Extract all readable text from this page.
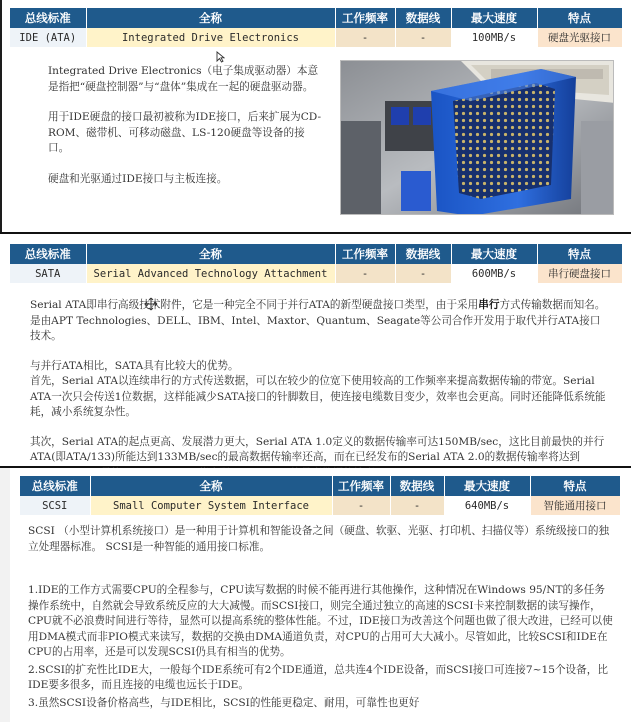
总线标准	全称	工作频率	数据线	最大速度	特点
IDE (ATA)	Integrated Drive Electronics	-	-	100MB/s	硬盘光驱接口

Integrated Drive Electronics（电子集成驱动器）本意是指把“硬盘控制器”与“盘体”集成在一起的硬盘驱动器。

用于IDE硬盘的接口最初被称为IDE接口，后来扩展为CD-ROM、磁带机、可移动磁盘、LS-120硬盘等设备的接口。

硬盘和光驱通过IDE接口与主板连接。

总线标准	全称	工作频率	数据线	最大速度	特点
SATA	Serial Advanced Technology Attachment	-	-	600MB/s	串行硬盘接口

Serial ATA即串行高级技术附件，它是一种完全不同于并行ATA的新型硬盘接口类型，由于采用串行方式传输数据而知名。是由APT Technologies、DELL、IBM、Intel、Maxtor、Quantum、Seagate等公司合作开发用于取代并行ATA接口技术。

与并行ATA相比，SATA具有比较大的优势。

首先，Serial ATA以连续串行的方式传送数据，可以在较少的位宽下使用较高的工作频率来提高数据传输的带宽。Serial ATA一次只会传送1位数据，这样能减少SATA接口的针脚数目，使连接电缆数目变少，效率也会更高。同时还能降低系统能耗，减小系统复杂性。

其次，Serial ATA的起点更高、发展潜力更大，Serial ATA 1.0定义的数据传输率可达150MB/sec，这比目前最快的并行ATA(即ATA/133)所能达到133MB/sec的最高数据传输率还高，而在已经发布的Serial ATA 2.0的数据传输率将达到

总线标准	全称	工作频率	数据线	最大速度	特点
SCSI	Small Computer System Interface	-	-	640MB/s	智能通用接口

SCSI （小型计算机系统接口）是一种用于计算机和智能设备之间（硬盘、软驱、光驱、打印机、扫描仪等）系统级接口的独立处理器标准。 SCSI是一种智能的通用接口标准。

1.IDE的工作方式需要CPU的全程参与，CPU读写数据的时候不能再进行其他操作，这种情况在Windows 95/NT的多任务操作系统中，自然就会导致系统反应的大大减慢。而SCSI接口，则完全通过独立的高速的SCSI卡来控制数据的读写操作，CPU就不必浪费时间进行等待，显然可以提高系统的整体性能。不过，IDE接口为改善这个问题也做了很大改进，已经可以使用DMA模式而非PIO模式来读写，数据的交换由DMA通道负责，对CPU的占用可大大减小。尽管如此，比较SCSI和IDE在CPU的占用率，还是可以发现SCSI仍具有相当的优势。

2.SCSI的扩充性比IDE大，一般每个IDE系统可有2个IDE通道，总共连4个IDE设备，而SCSI接口可连接7~15个设备，比IDE要多很多，而且连接的电缆也远长于IDE。

3.虽然SCSI设备价格高些，与IDE相比，SCSI的性能更稳定、耐用，可靠性也更好
